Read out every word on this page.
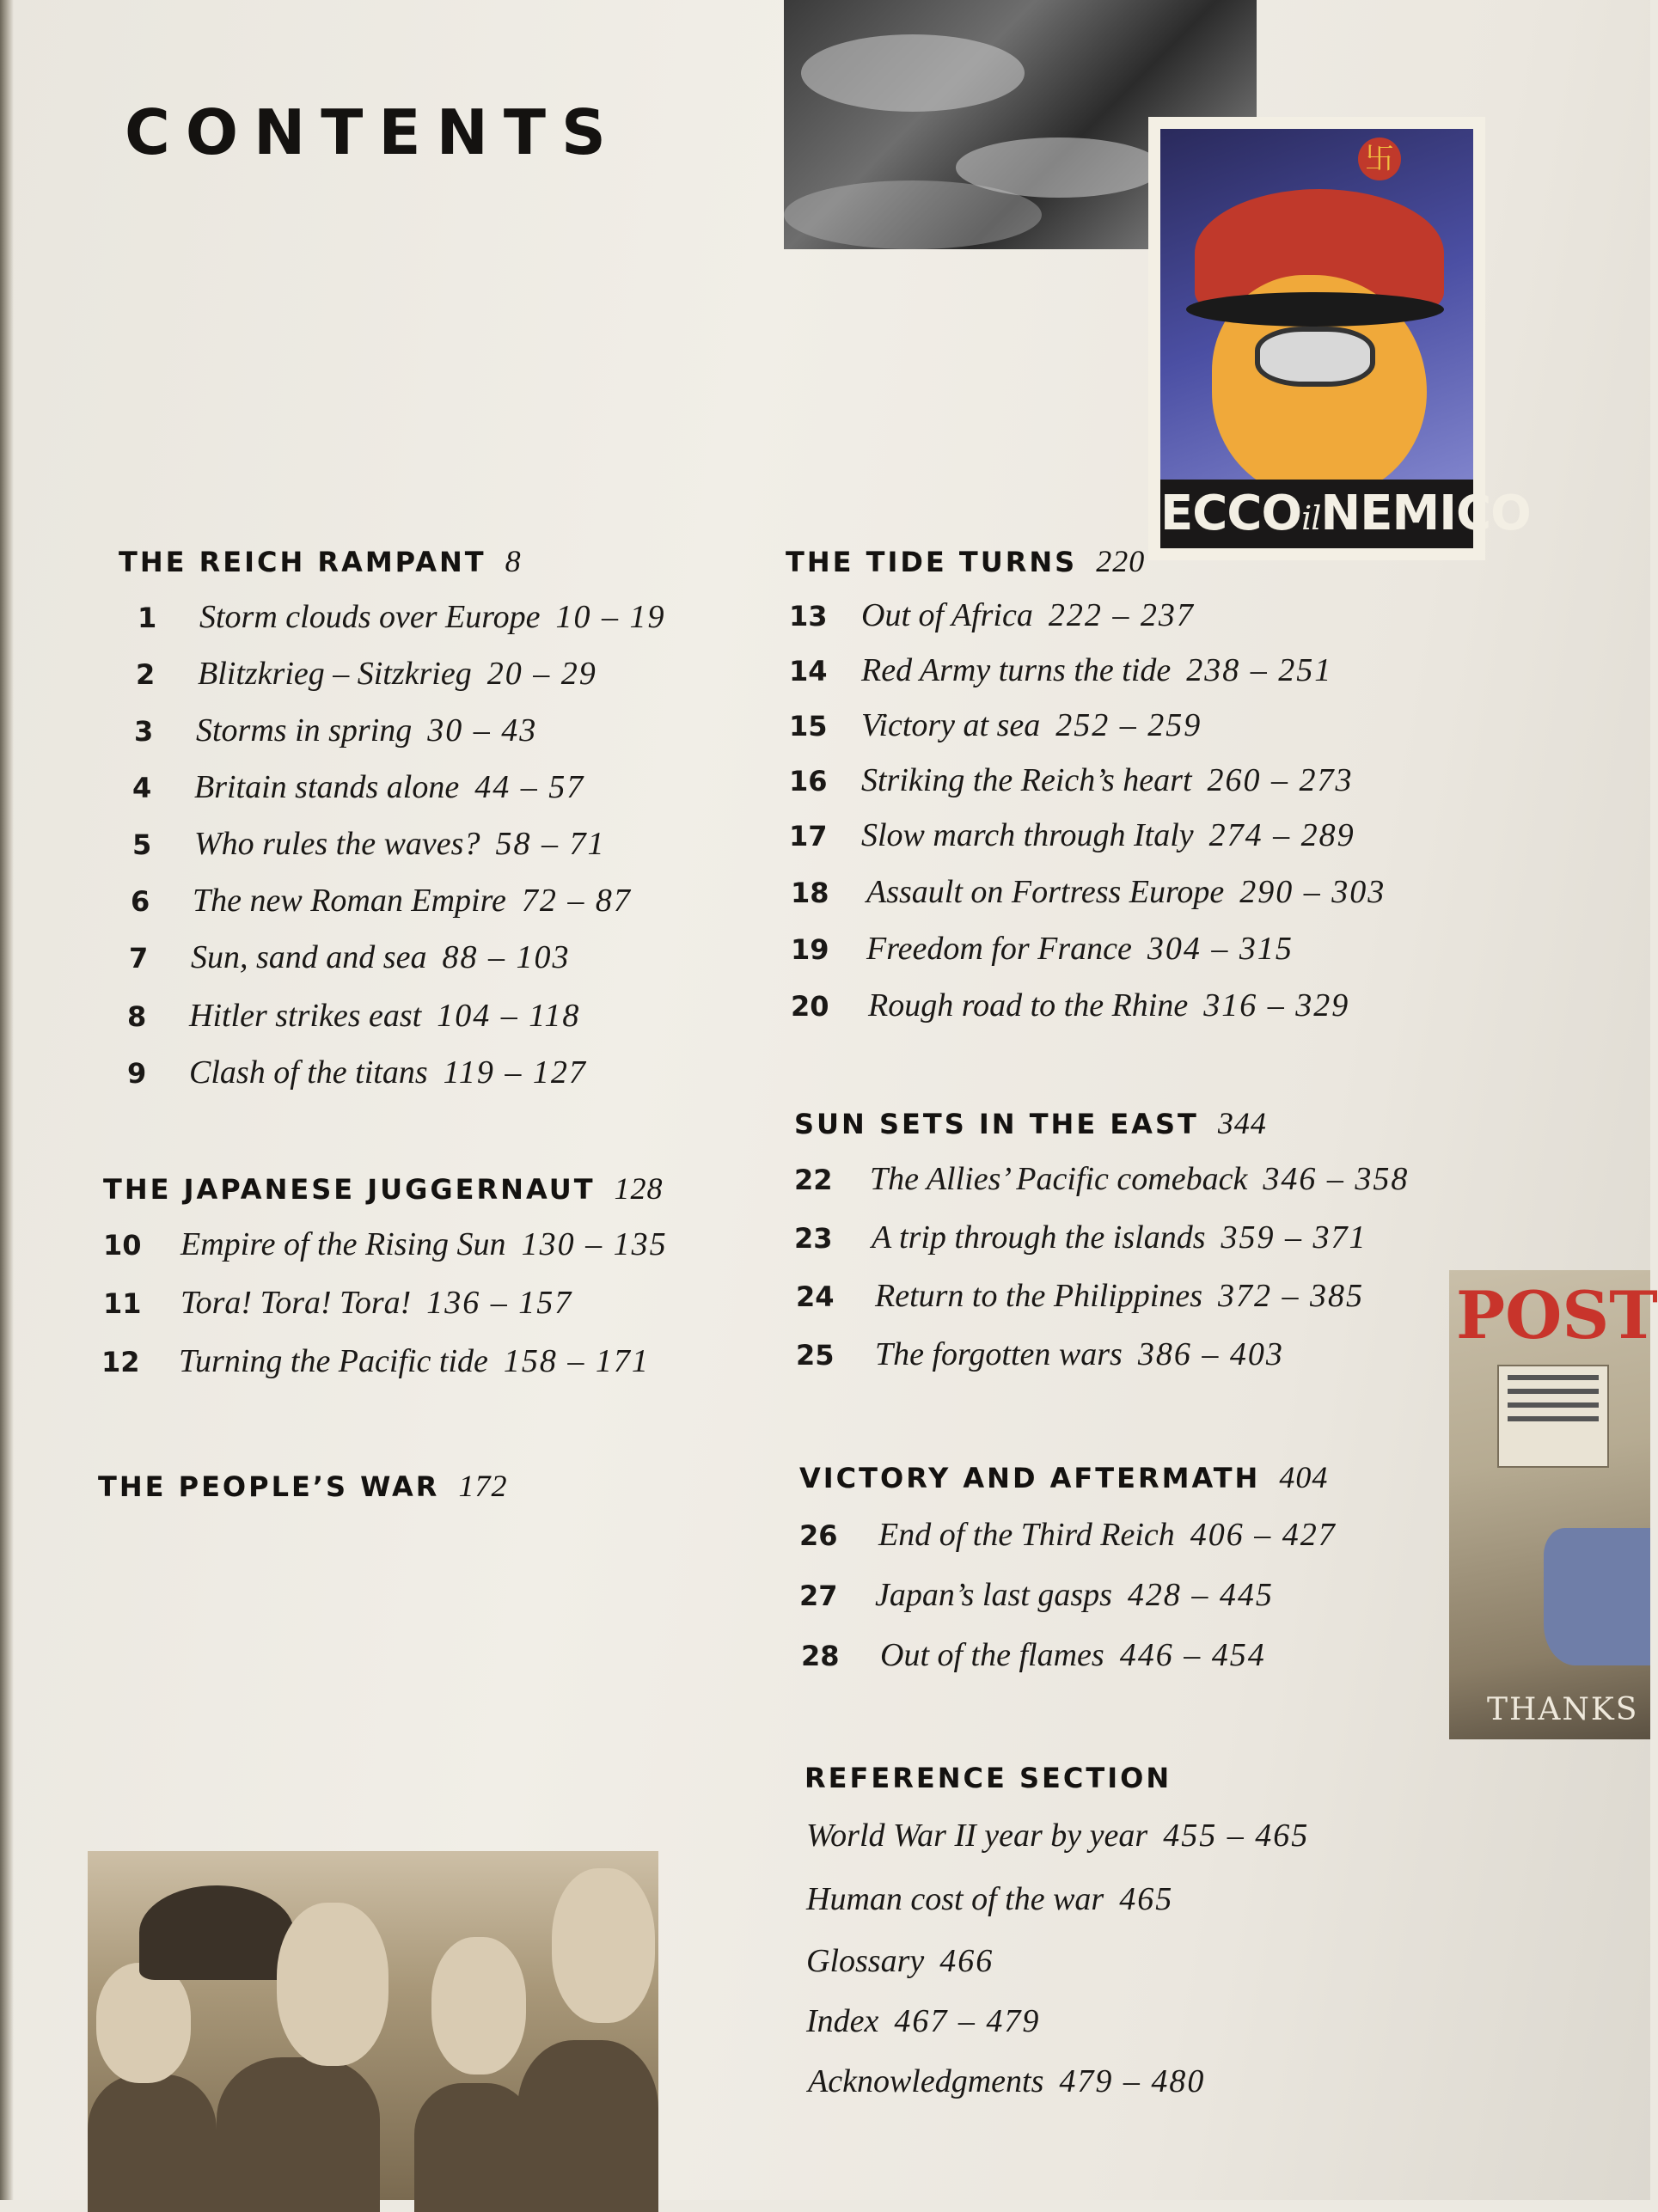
CONTENTS	卐
ECCOilNEMICO
POST
THANKS
THE REICH RAMPANT 8
1 Storm clouds over Europe 10 – 19
2 Blitzkrieg – Sitzkrieg 20 – 29
3 Storms in spring 30 – 43
4 Britain stands alone 44 – 57
5 Who rules the waves? 58 – 71
6 The new Roman Empire 72 – 87
7 Sun, sand and sea 88 – 103
8 Hitler strikes east 104 – 118
9 Clash of the titans 119 – 127
THE JAPANESE JUGGERNAUT 128
10 Empire of the Rising Sun 130 – 135
11 Tora! Tora! Tora! 136 – 157
12 Turning the Pacific tide 158 – 171
THE PEOPLE’S WAR 172
THE TIDE TURNS 220
13 Out of Africa 222 – 237
14 Red Army turns the tide 238 – 251
15 Victory at sea 252 – 259
16 Striking the Reich’s heart 260 – 273
17 Slow march through Italy 274 – 289
18 Assault on Fortress Europe 290 – 303
19 Freedom for France 304 – 315
20 Rough road to the Rhine 316 – 329
SUN SETS IN THE EAST 344
22 The Allies’ Pacific comeback 346 – 358
23 A trip through the islands 359 – 371
24 Return to the Philippines 372 – 385
25 The forgotten wars 386 – 403
VICTORY AND AFTERMATH 404
26 End of the Third Reich 406 – 427
27 Japan’s last gasps 428 – 445
28 Out of the flames 446 – 454
REFERENCE SECTION
World War II year by year 455 – 465
Human cost of the war 465
Glossary 466
Index 467 – 479
Acknowledgments 479 – 480
